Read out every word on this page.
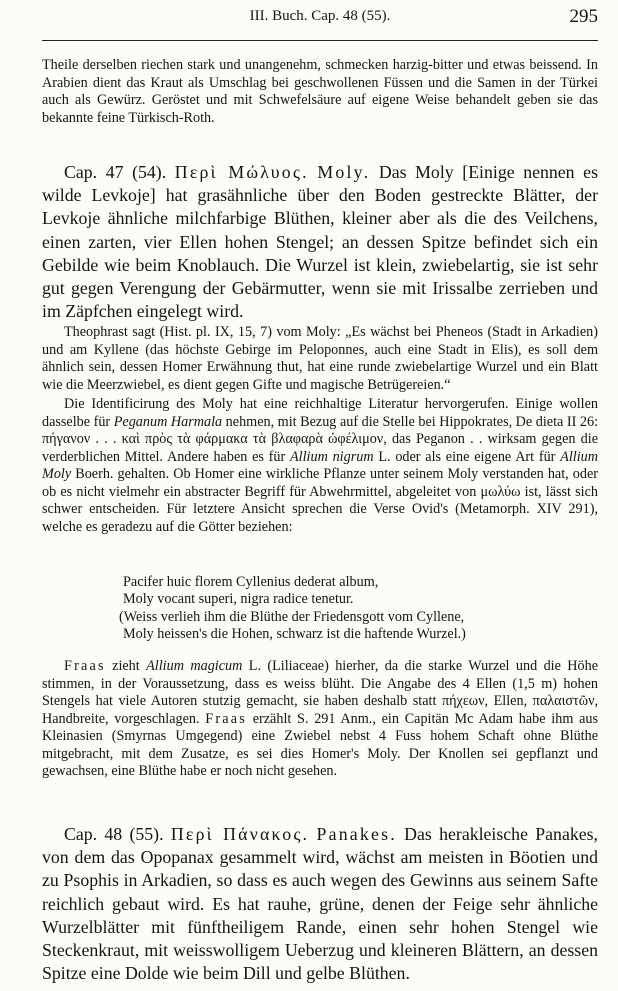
III. Buch. Cap. 48 (55).	295

Theile derselben riechen stark und unangenehm, schmecken harzig-bitter und etwas beissend. In Arabien dient das Kraut als Umschlag bei geschwollenen Füssen und die Samen in der Türkei auch als Gewürz. Geröstet und mit Schwefelsäure auf eigene Weise behandelt geben sie das bekannte feine Türkisch-Roth.

Cap. 47 (54). Περὶ Μώλυος. Moly. Das Moly [Einige nennen es wilde Levkoje] hat grasähnliche über den Boden gestreckte Blätter, der Levkoje ähnliche milchfarbige Blüthen, kleiner aber als die des Veilchens, einen zarten, vier Ellen hohen Stengel; an dessen Spitze befindet sich ein Gebilde wie beim Knoblauch. Die Wurzel ist klein, zwiebelartig, sie ist sehr gut gegen Verengung der Gebärmutter, wenn sie mit Irissalbe zerrieben und im Zäpfchen eingelegt wird.

Theophrast sagt (Hist. pl. IX, 15, 7) vom Moly: „Es wächst bei Pheneos (Stadt in Arkadien) und am Kyllene (das höchste Gebirge im Peloponnes, auch eine Stadt in Elis), es soll dem ähnlich sein, dessen Homer Erwähnung thut, hat eine runde zwiebelartige Wurzel und ein Blatt wie die Meerzwiebel, es dient gegen Gifte und magische Betrügereien.“

Die Identificirung des Moly hat eine reichhaltige Literatur hervorgerufen. Einige wollen dasselbe für Peganum Harmala nehmen, mit Bezug auf die Stelle bei Hippokrates, De dieta II 26: πήγανον . . . καὶ πρὸς τὰ φάρμακα τὰ βλαφαρὰ ὠφέλιμον, das Peganon . . wirksam gegen die verderblichen Mittel. Andere haben es für Allium nigrum L. oder als eine eigene Art für Allium Moly Boerh. gehalten. Ob Homer eine wirkliche Pflanze unter seinem Moly verstanden hat, oder ob es nicht vielmehr ein abstracter Begriff für Abwehrmittel, abgeleitet von μωλύω ist, lässt sich schwer entscheiden. Für letztere Ansicht sprechen die Verse Ovid's (Metamorph. XIV 291), welche es geradezu auf die Götter beziehen:

Pacifer huic florem Cyllenius dederat album,
Moly vocant superi, nigra radice tenetur.
(Weiss verlieh ihm die Blüthe der Friedensgott vom Cyllene,
Moly heissen's die Hohen, schwarz ist die haftende Wurzel.)

Fraas zieht Allium magicum L. (Liliaceae) hierher, da die starke Wurzel und die Höhe stimmen, in der Voraussetzung, dass es weiss blüht. Die Angabe des 4 Ellen (1,5 m) hohen Stengels hat viele Autoren stutzig gemacht, sie haben deshalb statt πήχεων, Ellen, παλαιστῶν, Handbreite, vorgeschlagen. Fraas erzählt S. 291 Anm., ein Capitän Mc Adam habe ihm aus Kleinasien (Smyrnas Umgegend) eine Zwiebel nebst 4 Fuss hohem Schaft ohne Blüthe mitgebracht, mit dem Zusatze, es sei dies Homer's Moly. Der Knollen sei gepflanzt und gewachsen, eine Blüthe habe er noch nicht gesehen.

Cap. 48 (55). Περὶ Πάνακος. Panakes. Das herakleische Panakes, von dem das Opopanax gesammelt wird, wächst am meisten in Böotien und zu Psophis in Arkadien, so dass es auch wegen des Gewinns aus seinem Safte reichlich gebaut wird. Es hat rauhe, grüne, denen der Feige sehr ähnliche Wurzelblätter mit fünftheiligem Rande, einen sehr hohen Stengel wie Steckenkraut, mit weisswolligem Ueberzug und kleineren Blättern, an dessen Spitze eine Dolde wie beim Dill und gelbe Blüthen.
